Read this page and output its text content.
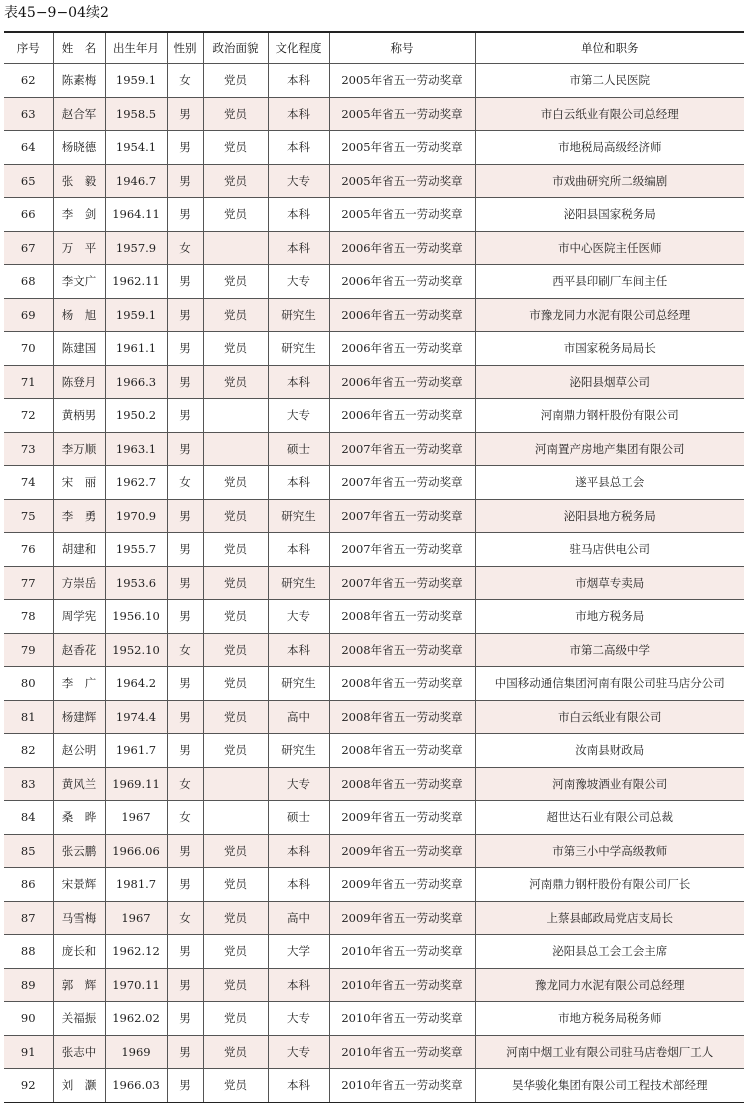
表45−9−04续2
序号	姓　名	出生年月	性别	政治面貌	文化程度	称号	单位和职务
62	陈素梅	1959.1	女	党员	本科	2005年省五一劳动奖章	市第二人民医院
63	赵合军	1958.5	男	党员	本科	2005年省五一劳动奖章	市白云纸业有限公司总经理
64	杨晓德	1954.1	男	党员	本科	2005年省五一劳动奖章	市地税局高级经济师
65	张　毅	1946.7	男	党员	大专	2005年省五一劳动奖章	市戏曲研究所二级编剧
66	李　剑	1964.11	男	党员	本科	2005年省五一劳动奖章	泌阳县国家税务局
67	万　平	1957.9	女		本科	2006年省五一劳动奖章	市中心医院主任医师
68	李文广	1962.11	男	党员	大专	2006年省五一劳动奖章	西平县印刷厂车间主任
69	杨　旭	1959.1	男	党员	研究生	2006年省五一劳动奖章	市豫龙同力水泥有限公司总经理
70	陈建国	1961.1	男	党员	研究生	2006年省五一劳动奖章	市国家税务局局长
71	陈登月	1966.3	男	党员	本科	2006年省五一劳动奖章	泌阳县烟草公司
72	黄柄男	1950.2	男		大专	2006年省五一劳动奖章	河南鼎力钢杆股份有限公司
73	李万顺	1963.1	男		硕士	2007年省五一劳动奖章	河南置产房地产集团有限公司
74	宋　丽	1962.7	女	党员	本科	2007年省五一劳动奖章	遂平县总工会
75	李　勇	1970.9	男	党员	研究生	2007年省五一劳动奖章	泌阳县地方税务局
76	胡建和	1955.7	男	党员	本科	2007年省五一劳动奖章	驻马店供电公司
77	方崇岳	1953.6	男	党员	研究生	2007年省五一劳动奖章	市烟草专卖局
78	周学宪	1956.10	男	党员	大专	2008年省五一劳动奖章	市地方税务局
79	赵香花	1952.10	女	党员	本科	2008年省五一劳动奖章	市第二高级中学
80	李　广	1964.2	男	党员	研究生	2008年省五一劳动奖章	中国移动通信集团河南有限公司驻马店分公司
81	杨建辉	1974.4	男	党员	高中	2008年省五一劳动奖章	市白云纸业有限公司
82	赵公明	1961.7	男	党员	研究生	2008年省五一劳动奖章	汝南县财政局
83	黄风兰	1969.11	女		大专	2008年省五一劳动奖章	河南豫坡酒业有限公司
84	桑　晔	1967	女		硕士	2009年省五一劳动奖章	超世达石业有限公司总裁
85	张云鹏	1966.06	男	党员	本科	2009年省五一劳动奖章	市第三小中学高级教师
86	宋景辉	1981.7	男	党员	本科	2009年省五一劳动奖章	河南鼎力钢杆股份有限公司厂长
87	马雪梅	1967	女	党员	高中	2009年省五一劳动奖章	上蔡县邮政局党店支局长
88	庞长和	1962.12	男	党员	大学	2010年省五一劳动奖章	泌阳县总工会工会主席
89	郭　辉	1970.11	男	党员	本科	2010年省五一劳动奖章	豫龙同力水泥有限公司总经理
90	关福振	1962.02	男	党员	大专	2010年省五一劳动奖章	市地方税务局税务师
91	张志中	1969	男	党员	大专	2010年省五一劳动奖章	河南中烟工业有限公司驻马店卷烟厂工人
92	刘　灏	1966.03	男	党员	本科	2010年省五一劳动奖章	昊华骏化集团有限公司工程技术部经理
